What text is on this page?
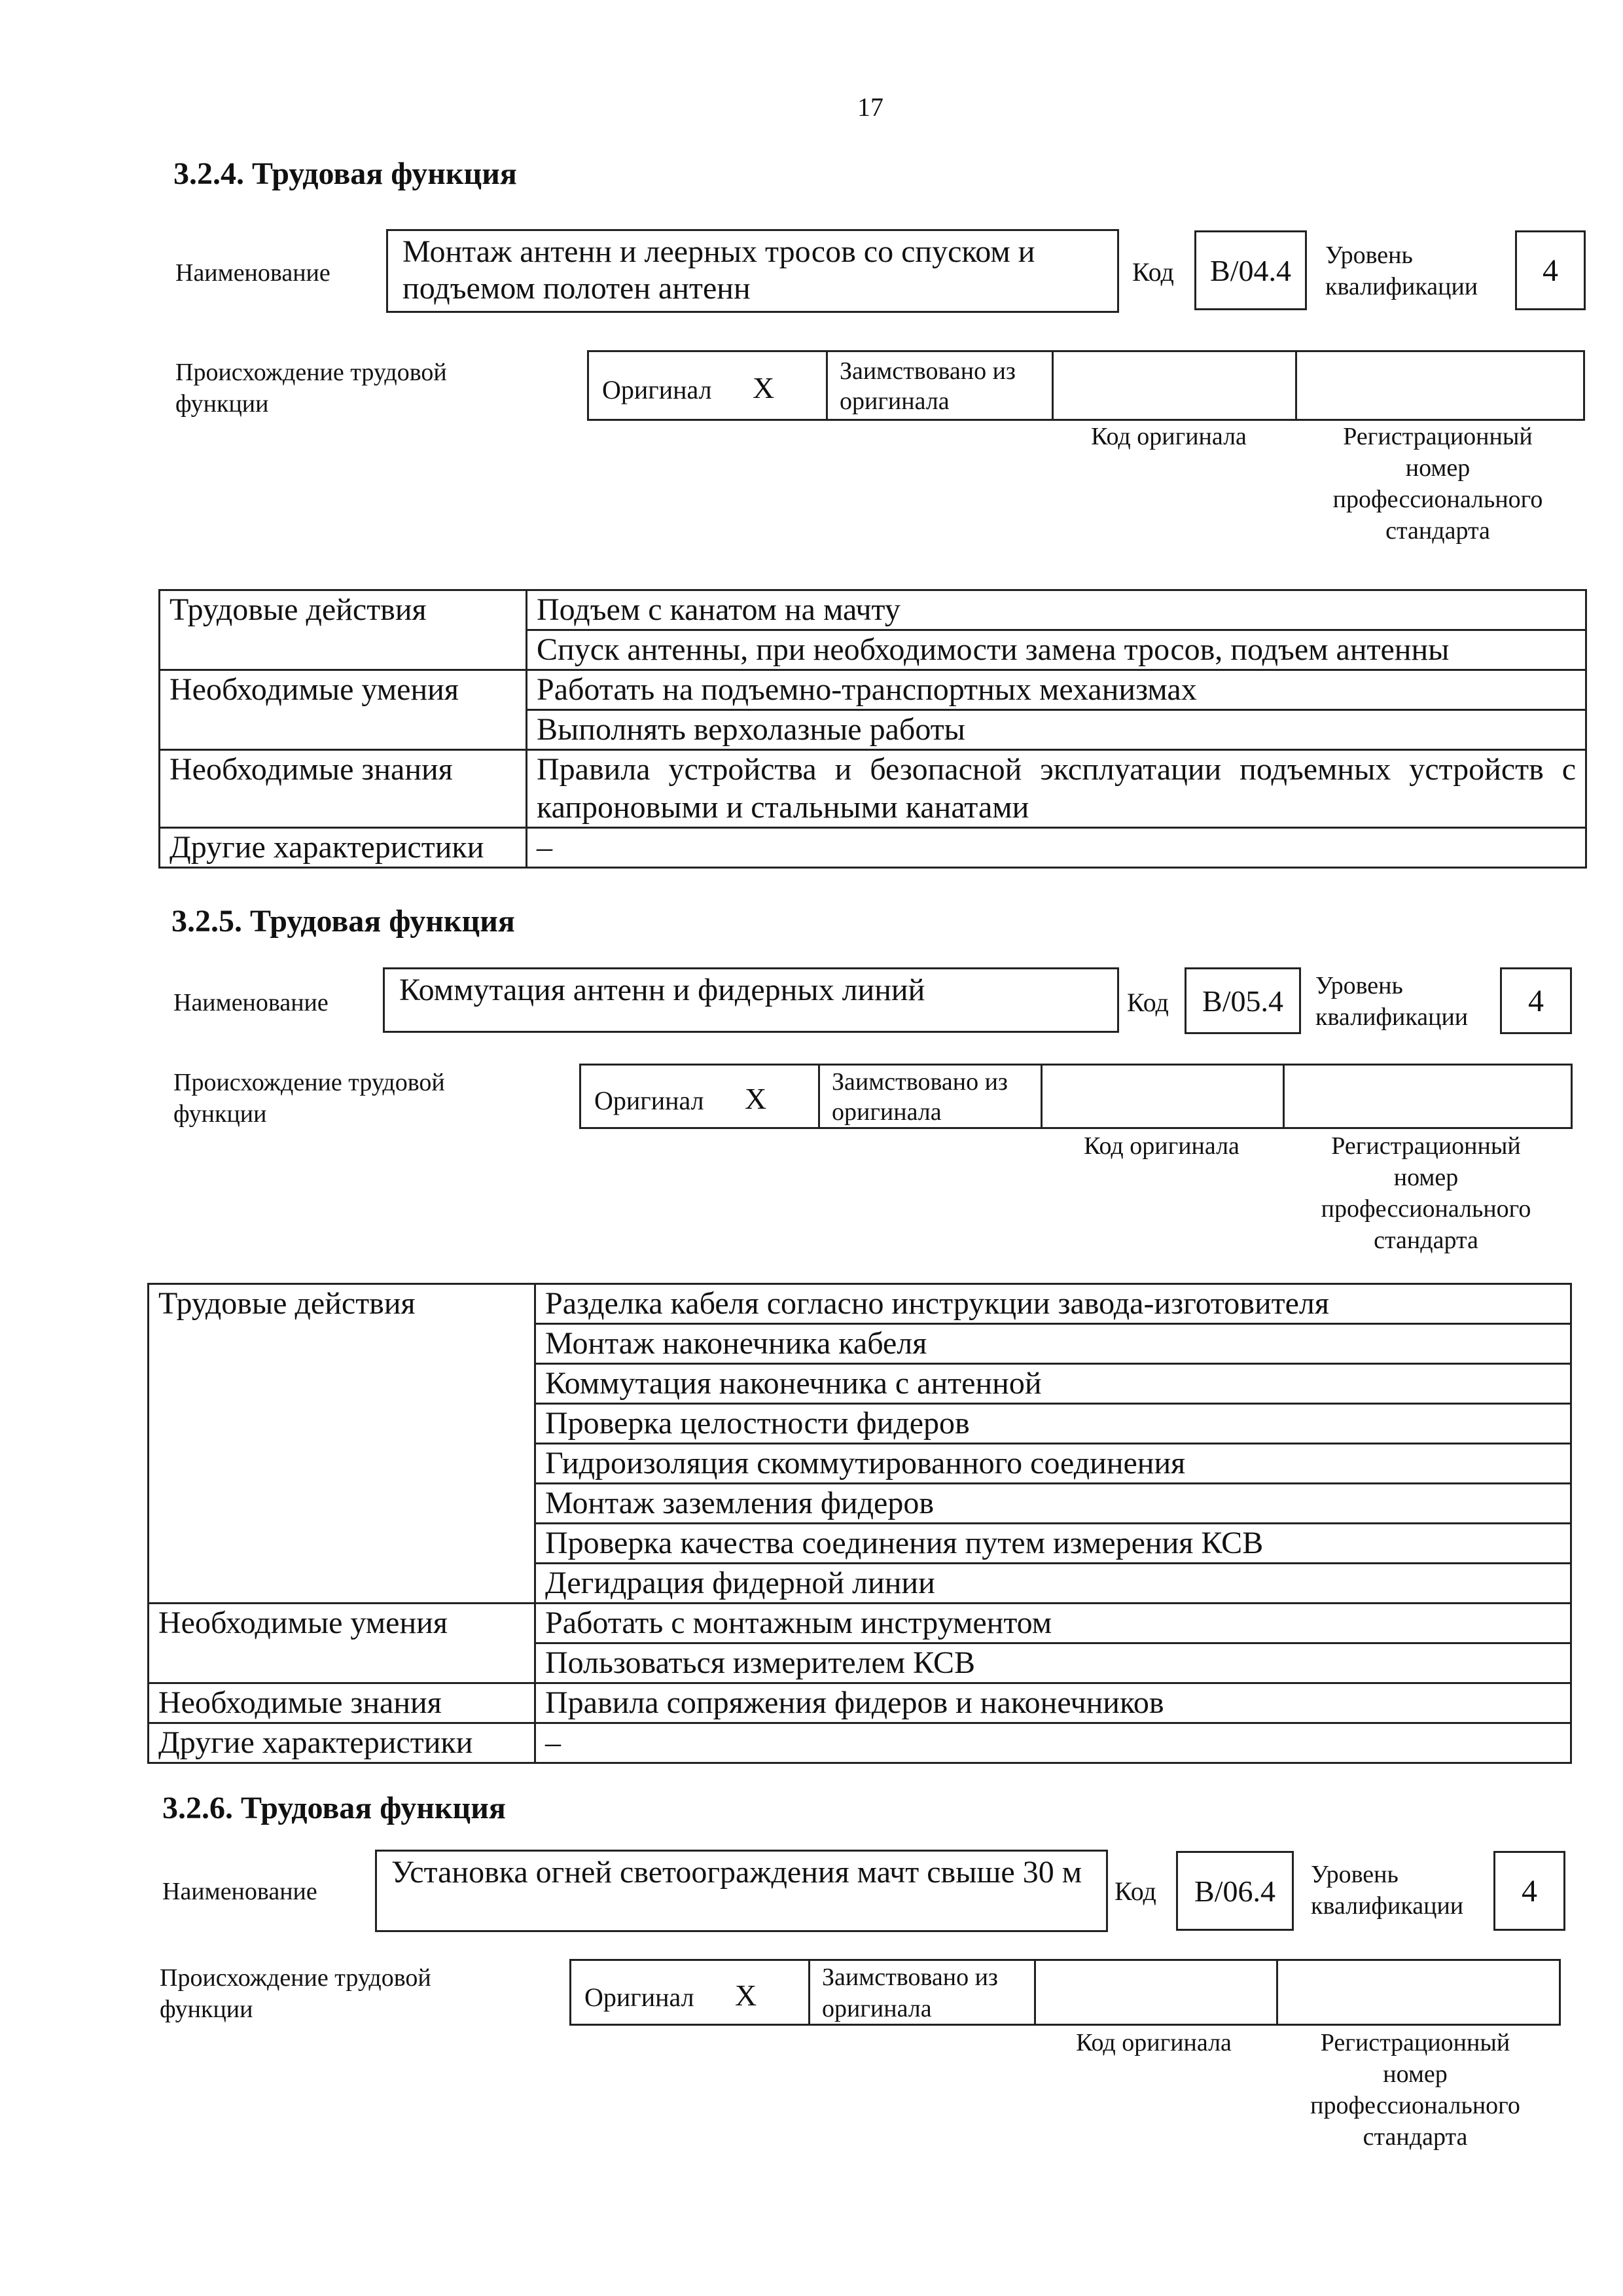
17
3.2.4. Трудовая функция
Наименование
Монтаж антенн и леерных тросов со спуском и подъемом полотен антенн	Код	B/04.4	Уровень
квалификации	4
Происхождение трудовой
функции	Оригинал X	Заимствовано из
оригинала
Код оригинала	Регистрационный
номер
профессионального
стандарта
Трудовые действия	Подъем с канатом на мачту
	Спуск антенны, при необходимости замена тросов, подъем антенны
Необходимые умения	Работать на подъемно-транспортных механизмах
	Выполнять верхолазные работы
Необходимые знания	Правила устройства и безопасной эксплуатации подъемных устройств с капроновыми и стальными канатами
Другие характеристики	–
3.2.5. Трудовая функция
Наименование	Коммутация антенн и фидерных линий	Код	B/05.4	Уровень
квалификации	4
Происхождение трудовой
функции	Оригинал X	Заимствовано из
оригинала
Код оригинала	Регистрационный
номер
профессионального
стандарта
Трудовые действия	Разделка кабеля согласно инструкции завода-изготовителя
	Монтаж наконечника кабеля
	Коммутация наконечника с антенной
	Проверка целостности фидеров
	Гидроизоляция скоммутированного соединения
	Монтаж заземления фидеров
	Проверка качества соединения путем измерения КСВ
	Дегидрация фидерной линии
Необходимые умения	Работать с монтажным инструментом
	Пользоваться измерителем КСВ
Необходимые знания	Правила сопряжения фидеров и наконечников
Другие характеристики	–
3.2.6. Трудовая функция
Наименование
Установка огней светоограждения мачт свыше 30 м
Код	B/06.4	Уровень
квалификации	4
Происхождение трудовой
функции	Оригинал X
Заимствовано из
оригинала
Код оригинала	Регистрационный
номер
профессионального
стандарта
